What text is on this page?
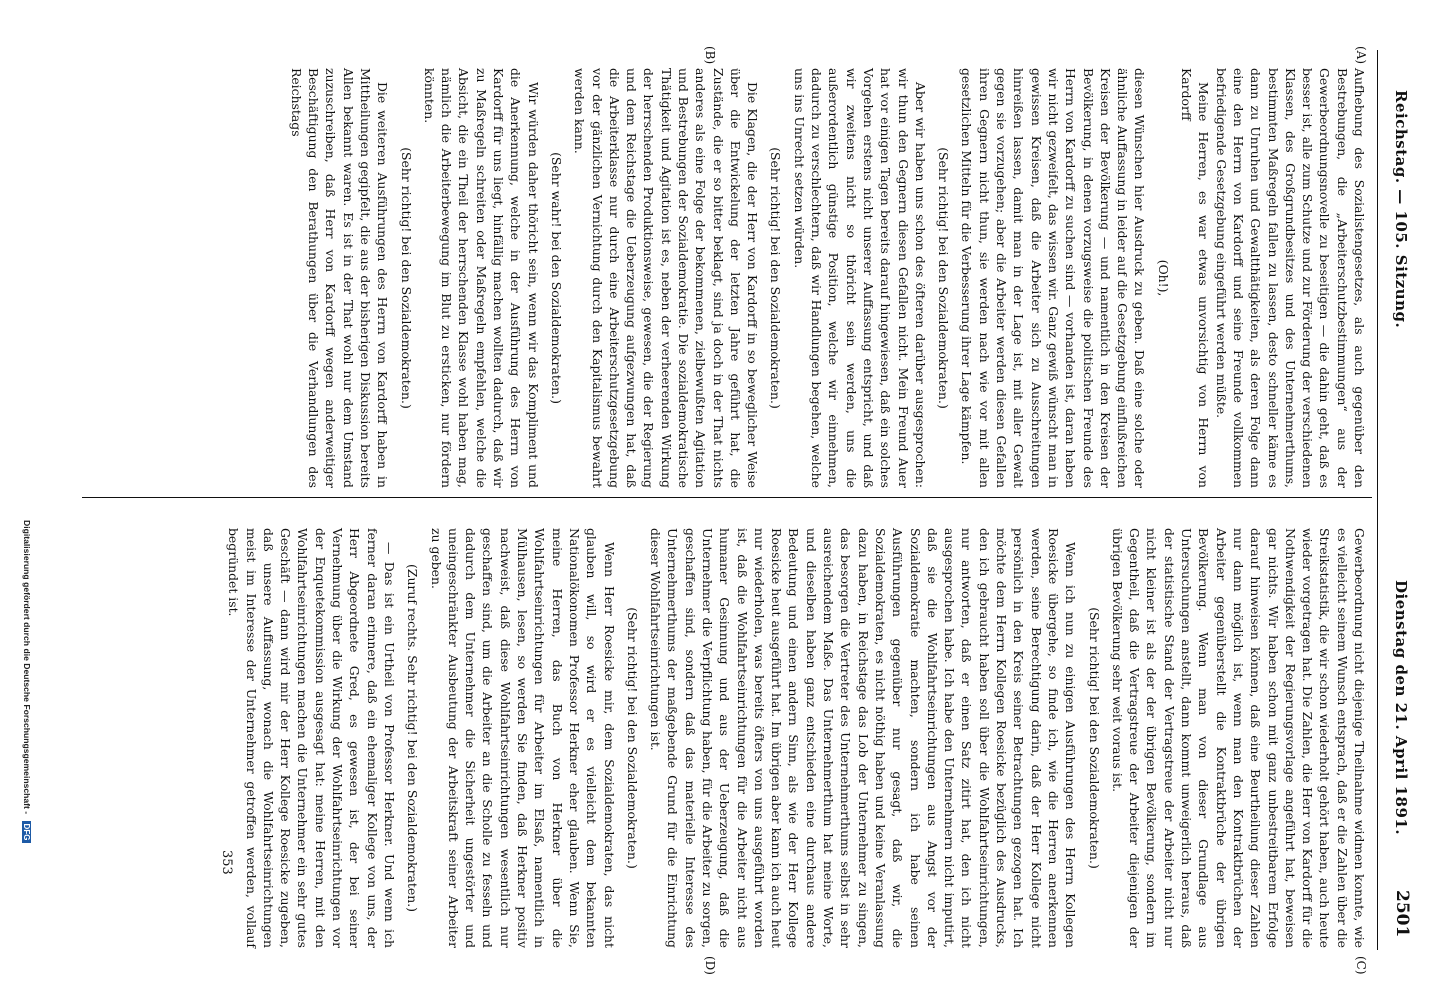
Reichstag. — 105. Sitzung.
Dienstag den 21. April 1891.
2501
(A)
(B)
(C)
(D)

Aufhebung des Sozialistengesetzes, als auch gegenüber den Bestrebungen, die „Arbeiterschutzbestimmungen“ aus der Gewerbeordnungsnovelle zu beseitigen — die dahin geht, daß es besser ist, alle zum Schutze und zur Förderung der verschiedenen Klassen, des Großgrundbesitzes und des Unternehmerthums, bestimmten Maßregeln fallen zu lassen, desto schneller käme es dann zu Unruhen und Gewaltthätigkeiten, als deren Folge dann eine den Herrn von Kardorff und seine Freunde vollkommen befriedigende Gesetzgebung eingeführt werden müßte.

Meine Herren, es war etwas unvorsichtig von Herrn von Kardorff

(Oh!),

diesen Wünschen hier Ausdruck zu geben. Daß eine solche oder ähnliche Auffassung in leider auf die Gesetzgebung einflußreichen Kreisen der Bevölkerung — und namentlich in den Kreisen der Bevölkerung, in denen vorzugsweise die politischen Freunde des Herrn von Kardorff zu suchen sind — vorhanden ist, daran haben wir nicht gezweifelt, das wissen wir. Ganz gewiß wünscht man in gewissen Kreisen, daß die Arbeiter sich zu Ausschreitungen hinreißen lassen, damit man in der Lage ist, mit aller Gewalt gegen sie vorzugehen; aber die Arbeiter werden diesen Gefallen ihren Gegnern nicht thun, sie werden nach wie vor mit allen gesetzlichen Mitteln für die Verbesserung ihrer Lage kämpfen.

(Sehr richtig! bei den Sozialdemokraten.)

Aber wir haben uns schon des öfteren darüber ausgesprochen: wir thun den Gegnern diesen Gefallen nicht. Mein Freund Auer hat vor einigen Tagen bereits darauf hingewiesen, daß ein solches Vorgehen erstens nicht unserer Auffassung entspricht, und daß wir zweitens nicht so thöricht sein werden, uns die außerordentlich günstige Position, welche wir einnehmen, dadurch zu verschlechtern, daß wir Handlungen begehen, welche uns ins Unrecht setzen würden.

(Sehr richtig! bei den Sozialdemokraten.)

Die Klagen, die der Herr von Kardorff in so beweglicher Weise über die Entwickelung der letzten Jahre geführt hat, die Zustände, die er so bitter beklagt, sind ja doch in der That nichts anderes als eine Folge der bekommenen, zielbewußten Agitation und Bestrebungen der Sozialdemokratie. Die sozialdemokratische Thätigkeit und Agitation ist es, neben der verheerenden Wirkung der herrschenden Produktionsweise, gewesen, die der Regierung und dem Reichstage die Ueberzeugung aufgezwungen hat, daß die Arbeiterklasse nur durch eine Arbeiterschutzgesetzgebung vor der gänzlichen Vernichtung durch den Kapitalismus bewahrt werden kann.

(Sehr wahr! bei den Sozialdemokraten.)

Wir würden daher thöricht sein, wenn wir das Kompliment und die Anerkennung, welche in der Ausführung des Herrn von Kardorff für uns liegt, hinfällig machen wollten dadurch, daß wir zu Maßregeln schreiten oder Maßregeln empfehlen, welche die Absicht, die ein Theil der herrschenden Klasse wohl haben mag, nämlich die Arbeiterbewegung im Blut zu ersticken, nur fördern könnten.

(Sehr richtig! bei den Sozialdemokraten.)

Die weiteren Ausführungen des Herrn von Kardorff haben in Mittheilungen gegipfelt, die aus der bisherigen Diskussion bereits Allen bekannt waren. Es ist in der That wohl nur dem Umstand zuzuschreiben, daß Herr von Kardorff wegen anderweitiger Beschäftigung den Berathungen über die Verhandlungen des Reichstags

Gewerbeordnung nicht diejenige Theilnahme widmen konnte, wie es vielleicht seinem Wunsch entsprach, daß er die Zahlen über die Streikstatistik, die wir schon wiederholt gehört haben, auch heute wieder vorgetragen hat. Die Zahlen, die Herr von Kardorff für die Nothwendigkeit der Regierungsvorlage angeführt hat, beweisen gar nichts. Wir haben schon mit ganz unbestreitbarem Erfolge darauf hinweisen können, daß eine Beurtheilung dieser Zahlen nur dann möglich ist, wenn man den Kontraktbrüchen der Arbeiter gegenüberstellt die Kontraktbrüche der übrigen Bevölkerung. Wenn man von dieser Grundlage aus Untersuchungen anstellt, dann kommt unweigerlich heraus, daß der statistische Stand der Vertragstreue der Arbeiter nicht nur nicht kleiner ist als der der übrigen Bevölkerung, sondern im Gegentheil, daß die Vertragstreue der Arbeiter diejenigen der übrigen Bevölkerung sehr weit voraus ist.

(Sehr richtig! bei den Sozialdemokraten.)

Wenn ich nun zu einigen Ausführungen des Herrn Kollegen Roesicke übergehe, so finde ich, wie die Herren anerkennen werden, seine Berechtigung darin, daß der Herr Kollege nicht persönlich in den Kreis seiner Betrachtungen gezogen hat. Ich möchte dem Herrn Kollegen Roesicke bezüglich des Ausdrucks, den ich gebraucht haben soll über die Wohlfahrtseinrichtungen, nur antworten, daß er einen Satz zitirt hat, den ich nicht ausgesprochen habe. Ich habe den Unternehmern nicht imputirt, daß sie die Wohlfahrtseinrichtungen aus Angst vor der Sozialdemokratie machten, sondern ich habe seinen Ausführungen gegenüber nur gesagt, daß wir, die Sozialdemokraten, es nicht nöthig haben und keine Veranlassung dazu haben, in Reichstage das Lob der Unternehmer zu singen, das besorgen die Vertreter des Unternehmerthums selbst in sehr ausreichendem Maße. Das Unternehmerthum hat meine Worte, und dieselben haben ganz entschieden eine durchaus andere Bedeutung und einen andern Sinn, als wie der Herr Kollege Roesicke heut ausgeführt hat. Im übrigen aber kann ich auch heut nur wiederholen, was bereits öfters von uns ausgeführt worden ist, daß die Wohlfahrtseinrichtungen für die Arbeiter nicht aus humaner Gesinnung und aus der Ueberzeugung, daß die Unternehmer die Verpflichtung haben, für die Arbeiter zu sorgen, geschaffen sind, sondern daß das materielle Interesse des Unternehmerthums der maßgebende Grund für die Einrichtung dieser Wohlfahrtseinrichtungen ist.

(Sehr richtig! bei den Sozialdemokraten.)

Wenn Herr Roesicke mir, dem Sozialdemokraten, das nicht glauben will, so wird er es vielleicht dem bekannten Nationalökonomen Professor Herkner eher glauben. Wenn Sie, meine Herren, das Buch von Herkner über die Wohlfahrtseinrichtungen für Arbeiter im Elsaß, namentlich in Mülhausen, lesen, so werden Sie finden, daß Herkner positiv nachweist, daß diese Wohlfahrtseinrichtungen wesentlich nur geschaffen sind, um die Arbeiter an die Scholle zu fesseln und dadurch dem Unternehmer die Sicherheit ungestörter und uneingeschränkter Ausbeutung der Arbeitskraft seiner Arbeiter zu geben.

(Zuruf rechts. Sehr richtig! bei den Sozialdemokraten.)

— Das ist ein Urtheil von Professor Herkner. Und wenn ich ferner daran erinnere, daß ein ehemaliger Kollege von uns, der Herr Abgeordnete Gred, es gewesen ist, der bei seiner Vernehmung über die Wirkung der Wohlfahrtseinrichtungen vor der Enquetekommission ausgesagt hat: meine Herren, mit den Wohlfahrtseinrichtungen machen die Unternehmer ein sehr gutes Geschäft — dann wird mir der Herr Kollege Roesicke zugeben, daß unsere Auffassung, wonach die Wohlfahrtseinrichtungen meist im Interesse der Unternehmer getroffen werden, vollauf begründet ist.

353
Digitalisierung gefördert durch die Deutsche Forschungsgemeinschaft - DFG
